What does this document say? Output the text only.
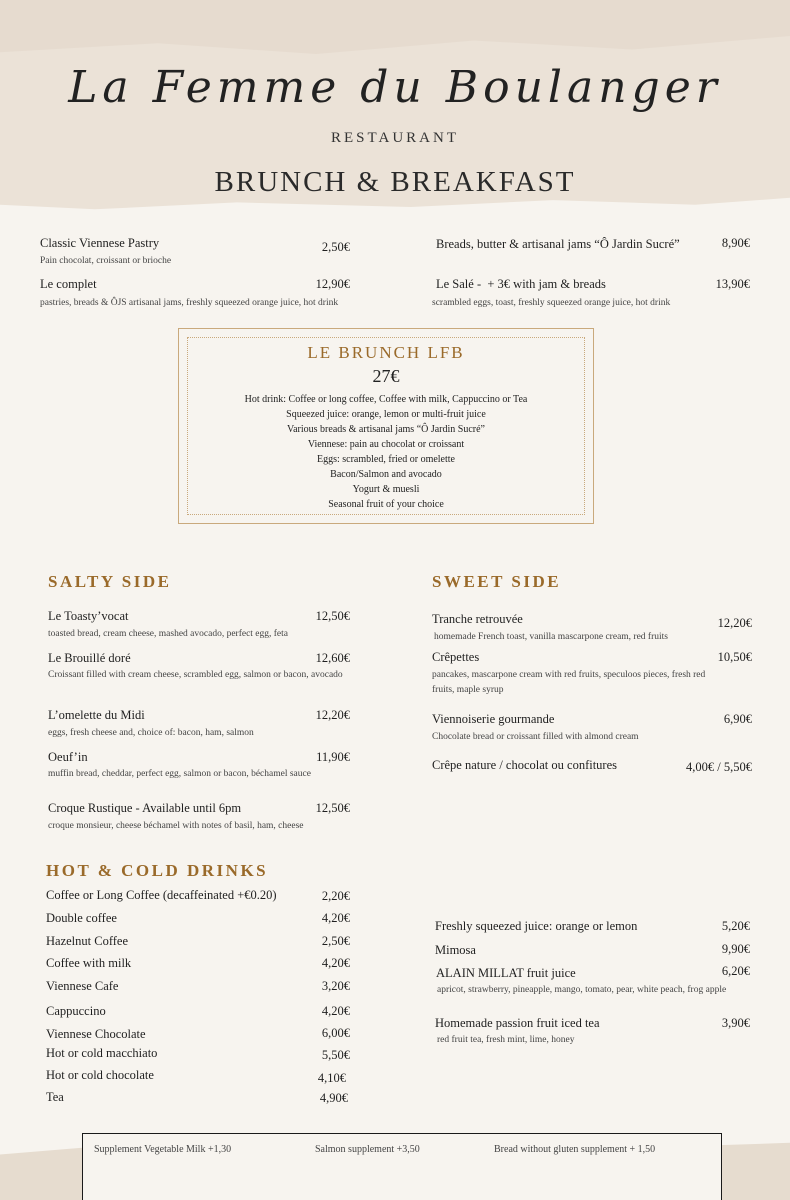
La Femme du Boulanger
RESTAURANT
BRUNCH & BREAKFAST
Classic Viennese Pastry	2,50€
Pain chocolat, croissant or brioche
Le complet	12,90€
pastries, breads & ÔJS artisanal jams, freshly squeezed orange juice, hot drink
Breads, butter & artisanal jams “Ô Jardin Sucré”	8,90€
Le Salé -  + 3€ with jam & breads	13,90€
scrambled eggs, toast, freshly squeezed orange juice, hot drink
LE BRUNCH LFB
27€
Hot drink: Coffee or long coffee, Coffee with milk, Cappuccino or Tea
Squeezed juice: orange, lemon or multi-fruit juice
Various breads & artisanal jams “Ô Jardin Sucré”
Viennese: pain au chocolat or croissant
Eggs: scrambled, fried or omelette
Bacon/Salmon and avocado
Yogurt & muesli
Seasonal fruit of your choice
SALTY SIDE
Le Toasty’vocat	12,50€
toasted bread, cream cheese, mashed avocado, perfect egg, feta
Le Brouillé doré	12,60€
Croissant filled with cream cheese, scrambled egg, salmon or bacon, avocado
L’omelette du Midi	12,20€
eggs, fresh cheese and, choice of: bacon, ham, salmon
Oeuf’in	11,90€
muffin bread, cheddar, perfect egg, salmon or bacon, béchamel sauce
Croque Rustique - Available until 6pm	12,50€
croque monsieur, cheese béchamel with notes of basil, ham, cheese
SWEET SIDE
Tranche retrouvée	12,20€
homemade French toast, vanilla mascarpone cream, red fruits
Crêpettes	10,50€
pancakes, mascarpone cream with red fruits, speculoos pieces, fresh red fruits, maple syrup
Viennoiserie gourmande	6,90€
Chocolate bread or croissant filled with almond cream
Crêpe nature / chocolat ou confitures	4,00€ / 5,50€
HOT & COLD DRINKS
Coffee or Long Coffee (decaffeinated +€0.20)	2,20€
Double coffee	4,20€
Hazelnut Coffee	2,50€
Coffee with milk	4,20€
Viennese Cafe	3,20€
Cappuccino	4,20€
Viennese Chocolate	6,00€
Hot or cold macchiato	5,50€
Hot or cold chocolate	4,10€
Tea	4,90€
Freshly squeezed juice: orange or lemon	5,20€
Mimosa	9,90€
ALAIN MILLAT fruit juice	6,20€
apricot, strawberry, pineapple, mango, tomato, pear, white peach, frog apple
Homemade passion fruit iced tea	3,90€
red fruit tea, fresh mint, lime, honey
Supplement Vegetable Milk +1,30	Salmon supplement +3,50	Bread without gluten supplement + 1,50
